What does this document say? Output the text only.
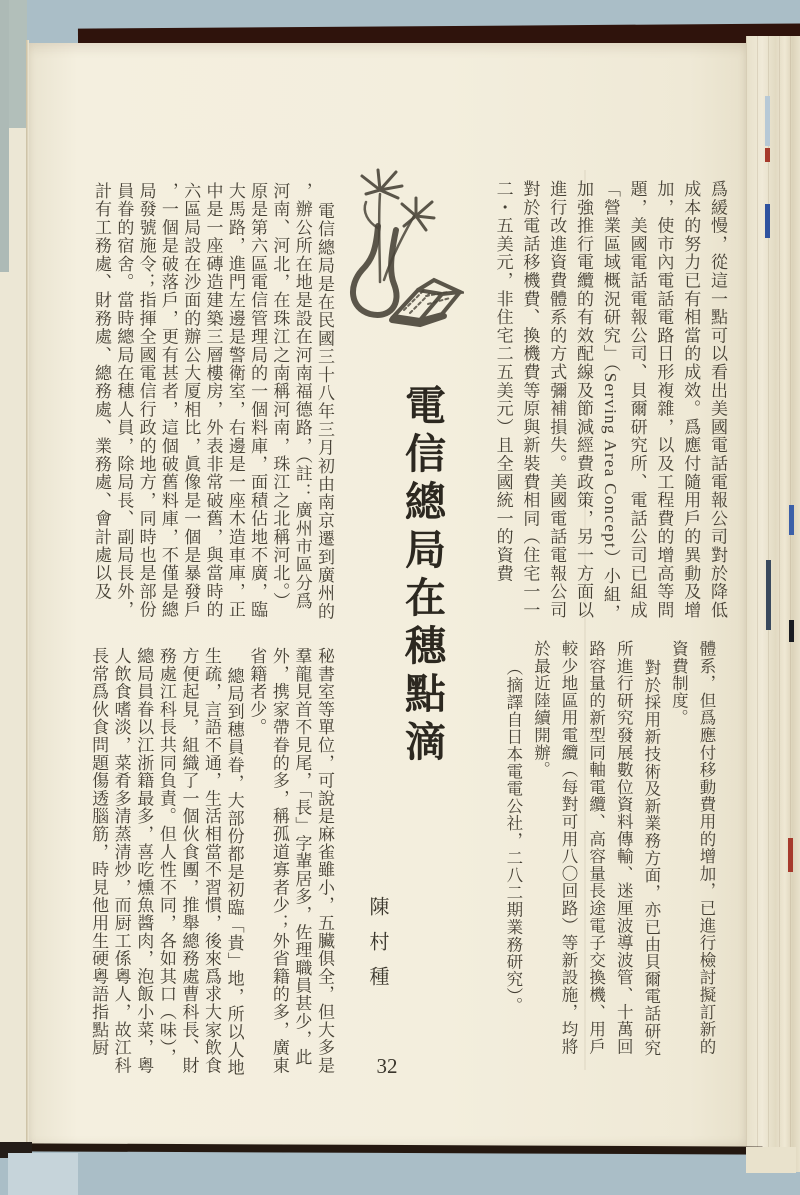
爲緩慢，從這一點可以看出美國電話電報公司對於降低成本的努力已有相當的成效。爲應付隨用戶的異動及增加，使市內電話電路日形複雜，以及工程費的增高等問題，美國電話電報公司、貝爾研究所、電話公司已組成「營業區域概況研究」（Serving Area Concept）小組，加強推行電纜的有效配線及節減經費政策，另一方面以進行改進資費體系的方式彌補損失。美國電話電報公司對於電話移機費、換機費等原與新裝費相同（住宅一一二・五美元，非住宅二五美元）且全國統一的資費

體系，但爲應付移動費用的增加，已進行檢討擬訂新的資費制度。

對於採用新技術及新業務方面，亦已由貝爾電話研究所進行研究發展數位資料傳輸、迷厘波導波管、十萬回路容量的新型同軸電纜、高容量長途電子交換機、用戶較少地區用電纜（每對可用八〇回路）等新設施，均將於最近陸續開辦。

（摘譯自日本電電公社，二八二期業務研究）。

電信總局在穗點滴
陳村種

電信總局是在民國三十八年三月初由南京遷到廣州的，辦公所在地是設在河南福德路，（註：廣州市區分爲河南、河北，在珠江之南稱河南，珠江之北稱河北。）原是第六區電信管理局的一個料庫，面積佔地不廣，臨大馬路，進門左邊是警衛室，右邊是一座木造車庫，正中是一座磚造建築三層樓房，外表非常破舊，與當時的六區局設在沙面的辦公大厦相比，眞像是一個是暴發戶，一個是破落戶，更有甚者，這個破舊料庫，不僅是總局發號施令；指揮全國電信行政的地方，同時也是部份員眷的宿舍。當時總局在穗人員，除局長、副局長外，計有工務處、財務處、總務處、業務處、會計處以及

秘書室等單位，可說是麻雀雖小，五臟俱全，但大多是羣龍見首不見尾，「長」字輩居多，佐理職員甚少，此外，携家帶眷的多，稱孤道寡者少；外省籍的多，廣東省籍者少。

總局到穗員眷，大部份都是初臨「貴」地，所以人地生疏，言語不通，生活相當不習慣，後來爲求大家飲食方便起見，組織了一個伙食團，推舉總務處曹科長、財務處江科長共同負責。但人性不同，各如其口（味），總局員眷以江浙籍最多，喜吃燻魚醬肉，泡飯小菜，粵人飲食嗜淡，菜肴多清蒸清炒，而厨工係粵人，故江科長常爲伙食問題傷透腦筋，時見他用生硬粵語指點厨

32
